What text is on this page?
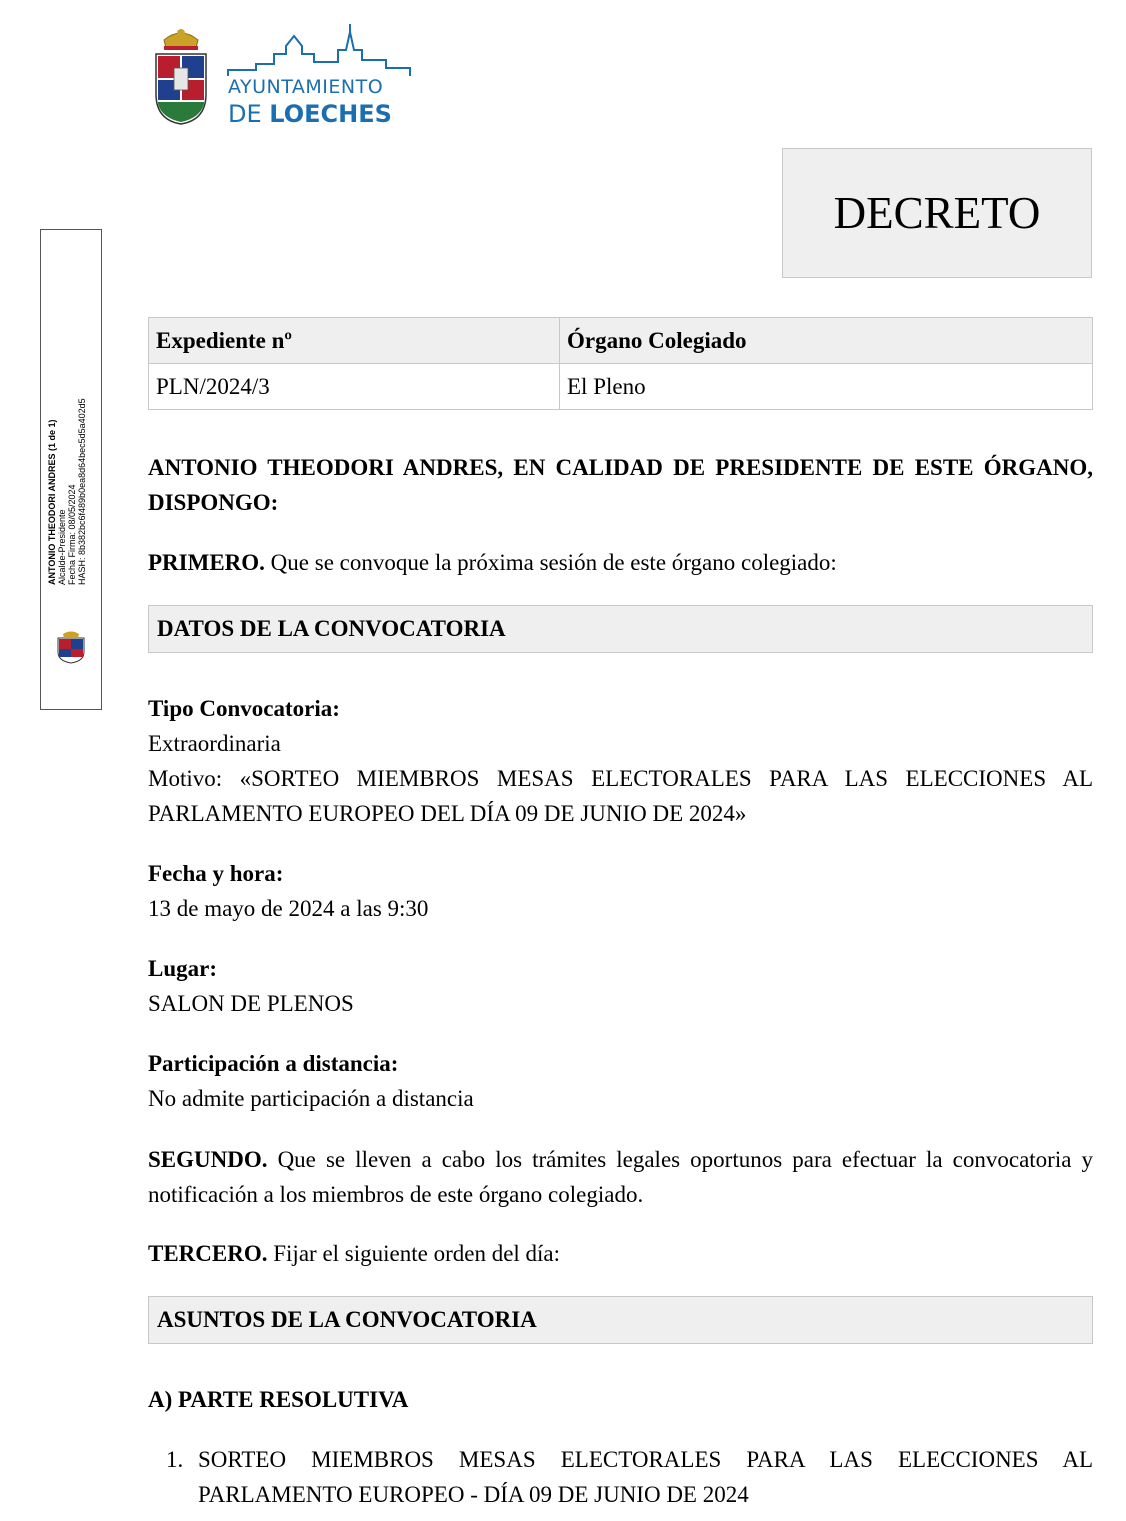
AYUNTAMIENTO
DE LOECHES
DECRETO
ANTONIO THEODORI ANDRES (1 de 1) Alcalde-Presidente Fecha Firma: 08/05/2024 HASH: 8b382bc6f489b0ea8d64bec5d5a402d5
Expediente nº	Órgano Colegiado
PLN/2024/3	El Pleno
ANTONIO THEODORI ANDRES, EN CALIDAD DE PRESIDENTE DE ESTE ÓRGANO, DISPONGO:
PRIMERO. Que se convoque la próxima sesión de este órgano colegiado:
DATOS DE LA CONVOCATORIA
Tipo Convocatoria:
Extraordinaria
Motivo: «SORTEO MIEMBROS MESAS ELECTORALES PARA LAS ELECCIONES AL PARLAMENTO EUROPEO DEL DÍA 09 DE JUNIO DE 2024»
Fecha y hora:
13 de mayo de 2024 a las 9:30
Lugar:
SALON DE PLENOS
Participación a distancia:
No admite participación a distancia
SEGUNDO. Que se lleven a cabo los trámites legales oportunos para efectuar la convocatoria y notificación a los miembros de este órgano colegiado.
TERCERO. Fijar el siguiente orden del día:
ASUNTOS DE LA CONVOCATORIA
A) PARTE RESOLUTIVA
1. SORTEO MIEMBROS MESAS ELECTORALES PARA LAS ELECCIONES AL PARLAMENTO EUROPEO - DÍA 09 DE JUNIO DE 2024
